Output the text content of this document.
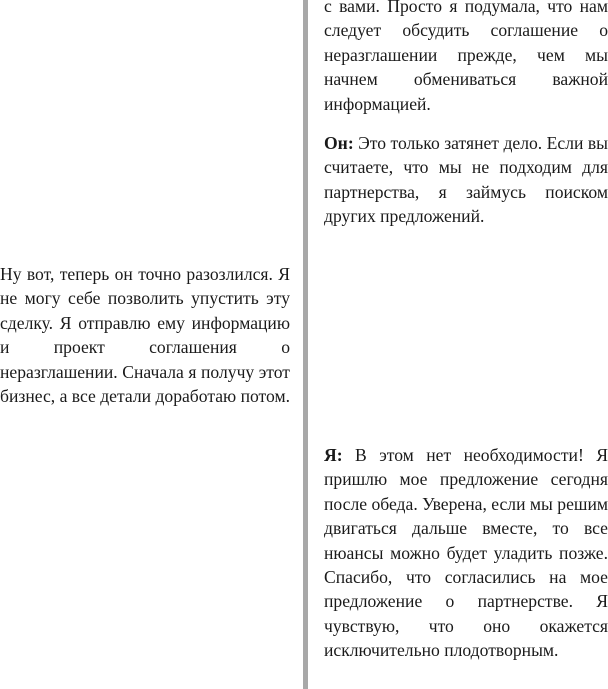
Ну вот, теперь он точно разозлился. Я не могу себе позволить упустить эту сделку. Я отправлю ему информацию и проект соглашения о неразглашении. Сначала я получу этот бизнес, а все детали доработаю потом.

с вами. Просто я подумала, что нам следует обсудить соглашение о неразглашении прежде, чем мы начнем обмениваться важной информацией.

Он: Это только затянет дело. Если вы считаете, что мы не подходим для партнерства, я займусь поиском других предложений.

Я: В этом нет необходимости! Я пришлю мое предложение сегодня после обеда. Уверена, если мы решим двигаться дальше вместе, то все нюансы можно будет уладить позже. Спасибо, что согласились на мое предложение о партнерстве. Я чувствую, что оно окажется исключительно плодотворным.
